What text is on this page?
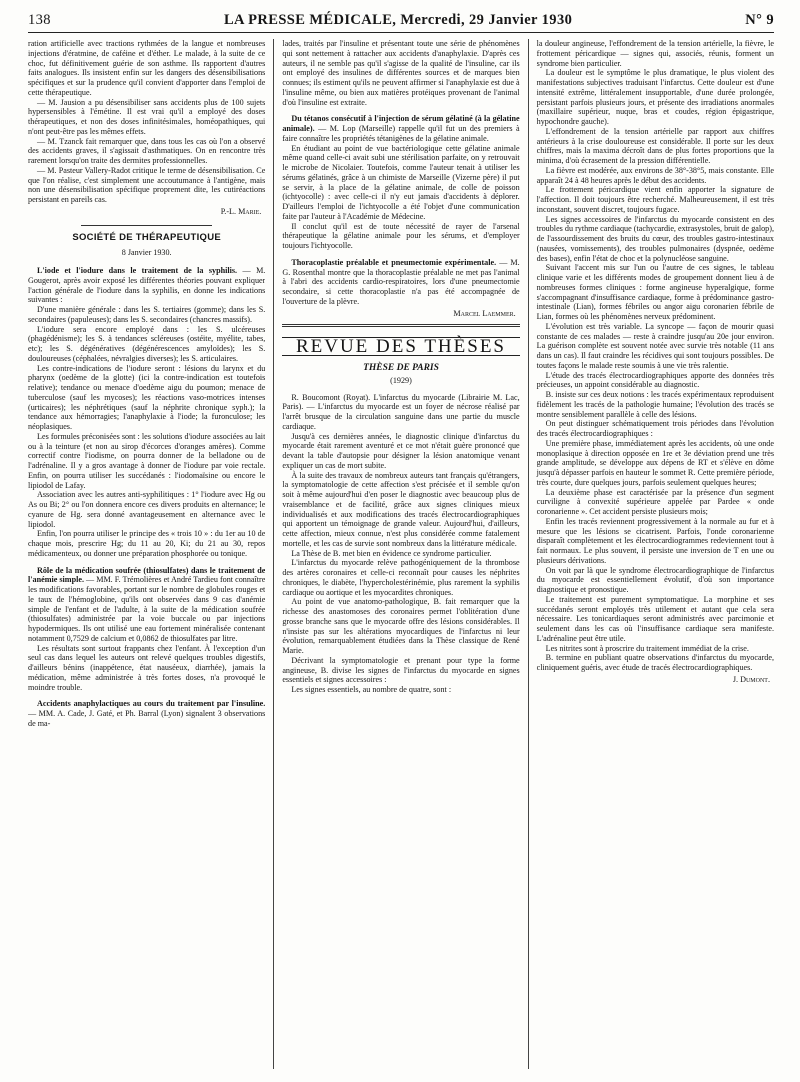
138	LA PRESSE MÉDICALE, Mercredi, 29 Janvier 1930	N° 9

ration artificielle avec tractions rythmées de la langue et nombreuses injections d'ératmine, de caféine et d'éther. Le malade, à la suite de ce choc, fut définitivement guérie de son asthme. Ils rapportent d'autres faits analogues. Ils insistent enfin sur les dangers des désensibilisations spécifiques et sur la prudence qu'il convient d'apporter dans l'emploi de cette thérapeutique.

— M. Jausion a pu désensibiliser sans accidents plus de 100 sujets hypersensibles à l'émétine. Il est vrai qu'il a employé des doses thérapeutiques, et non des doses infinitésimales, homéopathiques, qui n'ont peut-être pas les mêmes effets.

— M. Tzanck fait remarquer que, dans tous les cas où l'on a observé des accidents graves, il s'agissait d'asthmatiques. On en rencontre très rarement lorsqu'on traite des dermites professionnelles.

— M. Pasteur Vallery-Radot critique le terme de désensibilisation. Ce que l'on réalise, c'est simplement une accoutumance à l'antigène, mais non une désensibilisation spécifique proprement dite, les cutiréactions persistant en pareils cas.

P.-L. Marie.
SOCIÉTÉ DE THÉRAPEUTIQUE
8 Janvier 1930.

L'iode et l'iodure dans le traitement de la syphilis. — M. Gougerot, après avoir exposé les différentes théories pouvant expliquer l'action générale de l'iodure dans la syphilis, en donne les indications suivantes :

D'une manière générale : dans les S. tertiaires (gomme); dans les S. secondaires (papuleuses); dans les S. secondaires (chancres massifs).

L'iodure sera encore employé dans : les S. ulcéreuses (phagédénisme); les S. à tendances scléreuses (ostéite, myélite, tabes, etc); les S. dégénératives (dégénérescences amyloïdes); les S. douloureuses (céphalées, névralgies diverses); les S. articulaires.

Les contre-indications de l'iodure seront : lésions du larynx et du pharynx (oedème de la glotte) (ici la contre-indication est toutefois relative); tendance ou menace d'oedème aigu du poumon; menace de tuberculose (sauf les mycoses); les réactions vaso-motrices intenses (urticaires); les néphrétiques (sauf la néphrite chronique syph.); la tendance aux hémorragies; l'anaphylaxie à l'iode; la furonculose; les néoplasiques.

Les formules préconisées sont : les solutions d'iodure associées au lait ou à la teinture (et non au sirop d'écorces d'oranges amères). Comme correctif contre l'iodisme, on pourra donner de la belladone ou de l'adrénaline. Il y a gros avantage à donner de l'iodure par voie rectale. Enfin, on pourra utiliser les succédanés : l'iodomaïsine ou encore le lipiodol de Lafay.

Association avec les autres anti-syphilitiques : 1° l'iodure avec Hg ou As ou Bi; 2° ou l'on donnera encore ces divers produits en alternance; le cyanure de Hg. sera donné avantageusement en alternance avec le lipiodol.

Enfin, l'on pourra utiliser le principe des « trois 10 » : du 1er au 10 de chaque mois, prescrire Hg; du 11 au 20, Ki; du 21 au 30, repos médicamenteux, ou donner une préparation phosphorée ou tonique.

Rôle de la médication soufrée (thiosulfates) dans le traitement de l'anémie simple. — MM. F. Trémolières et André Tardieu font connaître les modifications favorables, portant sur le nombre de globules rouges et le taux de l'hémoglobine, qu'ils ont observées dans 9 cas d'anémie simple de l'enfant et de l'adulte, à la suite de la médication soufrée (thiosulfates) administrée par la voie buccale ou par injections hypodermiques. Ils ont utilisé une eau fortement minéralisée contenant notamment 0,7529 de calcium et 0,0862 de thiosulfates par litre.

Les résultats sont surtout frappants chez l'enfant. À l'exception d'un seul cas dans lequel les auteurs ont relevé quelques troubles digestifs, d'ailleurs bénins (inappétence, état nauséeux, diarrhée), jamais la médication, même administrée à très fortes doses, n'a provoqué le moindre trouble.

Accidents anaphylactiques au cours du traitement par l'insuline. — MM. A. Cade, J. Gaté, et Ph. Barral (Lyon) signalent 3 observations de ma-

lades, traités par l'insuline et présentant toute une série de phénomènes qui sont nettement à rattacher aux accidents d'anaphylaxie. D'après ces auteurs, il ne semble pas qu'il s'agisse de la qualité de l'insuline, car ils ont employé des insulines de différentes sources et de marques bien connues; ils estiment qu'ils ne peuvent affirmer si l'anaphylaxie est due à l'insuline même, ou bien aux matières protéiques provenant de l'animal d'où l'insuline est extraite.

Du tétanos consécutif à l'injection de sérum gélatiné (à la gélatine animale). — M. Lop (Marseille) rappelle qu'il fut un des premiers à faire connaître les propriétés tétanigènes de la gélatine animale.

En étudiant au point de vue bactériologique cette gélatine animale même quand celle-ci avait subi une stérilisation parfaite, on y retrouvait le microbe de Nicolaier. Toutefois, comme l'auteur tenait à utiliser les sérums gélatinés, grâce à un chimiste de Marseille (Vizerne père) il put se servir, à la place de la gélatine animale, de colle de poisson (ichtyocolle) : avec celle-ci il n'y eut jamais d'accidents à déplorer. D'ailleurs l'emploi de l'ichtyocolle a été l'objet d'une communication faite par l'auteur à l'Académie de Médecine.

Il conclut qu'il est de toute nécessité de rayer de l'arsenal thérapeutique la gélatine animale pour les sérums, et d'employer toujours l'ichtyocolle.

Thoracoplastie préalable et pneumectomie expérimentale. — M. G. Rosenthal montre que la thoracoplastie préalable ne met pas l'animal à l'abri des accidents cardio-respiratoires, lors d'une pneumectomie secondaire, si cette thoracoplastie n'a pas été accompagnée de l'ouverture de la plèvre.

Marcel Laemmer.
REVUE DES THÈSES
THÈSE DE PARIS
(1929)

R. Boucomont (Royat). L'infarctus du myocarde (Librairie M. Lac, Paris). — L'infarctus du myocarde est un foyer de nécrose réalisé par l'arrêt brusque de la circulation sanguine dans une partie du muscle cardiaque.

Jusqu'à ces dernières années, le diagnostic clinique d'infarctus du myocarde était rarement aventuré et ce mot n'était guère prononcé que devant la table d'autopsie pour désigner la lésion anatomique venant expliquer un cas de mort subite.

À la suite des travaux de nombreux auteurs tant français qu'étrangers, la symptomatologie de cette affection s'est précisée et il semble qu'on soit à même aujourd'hui d'en poser le diagnostic avec beaucoup plus de vraisemblance et de facilité, grâce aux signes cliniques mieux individualisés et aux modifications des tracés électrocardiographiques qui apportent un témoignage de grande valeur. Aujourd'hui, d'ailleurs, cette affection, mieux connue, n'est plus considérée comme fatalement mortelle, et les cas de survie sont nombreux dans la littérature médicale.

La Thèse de B. met bien en évidence ce syndrome particulier.

L'infarctus du myocarde relève pathogéniquement de la thrombose des artères coronaires et celle-ci reconnaît pour causes les néphrites chroniques, le diabète, l'hypercholestérinémie, plus rarement la syphilis cardiaque ou aortique et les myocardites chroniques.

Au point de vue anatomo-pathologique, B. fait remarquer que la richesse des anastomoses des coronaires permet l'oblitération d'une grosse branche sans que le myocarde offre des lésions considérables. Il n'insiste pas sur les altérations myocardiques de l'infarctus ni leur évolution, remarquablement étudiées dans la Thèse classique de René Marie.

Décrivant la symptomatologie et prenant pour type la forme angineuse, B. divise les signes de l'infarctus du myocarde en signes essentiels et signes accessoires :

Les signes essentiels, au nombre de quatre, sont :

la douleur angineuse, l'effondrement de la tension artérielle, la fièvre, le frottement péricardique — signes qui, associés, réunis, forment un syndrome bien particulier.

La douleur est le symptôme le plus dramatique, le plus violent des manifestations subjectives traduisant l'infarctus. Cette douleur est d'une intensité extrême, littéralement insupportable, d'une durée prolongée, persistant parfois plusieurs jours, et présente des irradiations anormales (maxillaire supérieur, nuque, bras et coudes, région épigastrique, hypochondre gauche).

L'effondrement de la tension artérielle par rapport aux chiffres antérieurs à la crise douloureuse est considérable. Il porte sur les deux chiffres, mais la maxima décroît dans de plus fortes proportions que la minima, d'où écrasement de la pression différentielle.

La fièvre est modérée, aux environs de 38°-38°5, mais constante. Elle apparaît 24 à 48 heures après le début des accidents.

Le frottement péricardique vient enfin apporter la signature de l'affection. Il doit toujours être recherché. Malheureusement, il est très inconstant, souvent discret, toujours fugace.

Les signes accessoires de l'infarctus du myocarde consistent en des troubles du rythme cardiaque (tachycardie, extrasystoles, bruit de galop), de l'assourdissement des bruits du cœur, des troubles gastro-intestinaux (nausées, vomissements), des troubles pulmonaires (dyspnée, oedème des bases), enfin l'état de choc et la polynucléose sanguine.

Suivant l'accent mis sur l'un ou l'autre de ces signes, le tableau clinique varie et les différents modes de groupement donnent lieu à de nombreuses formes cliniques : forme angineuse hyperalgique, forme s'accompagnant d'insuffisance cardiaque, forme à prédominance gastro-intestinale (Lian), formes fébriles ou angor aigu coronarien fébrile de Lian, formes où les phénomènes nerveux prédominent.

L'évolution est très variable. La syncope — façon de mourir quasi constante de ces malades — reste à craindre jusqu'au 20e jour environ. La guérison complète est souvent notée avec survie très notable (11 ans dans un cas). Il faut craindre les récidives qui sont toujours possibles. De toutes façons le malade reste soumis à une vie très ralentie.

L'étude des tracés électrocardiographiques apporte des données très précieuses, un appoint considérable au diagnostic.

B. insiste sur ces deux notions : les tracés expérimentaux reproduisent fidèlement les tracés de la pathologie humaine; l'évolution des tracés se montre sensiblement parallèle à celle des lésions.

On peut distinguer schématiquement trois périodes dans l'évolution des tracés électrocardiographiques :

Une première phase, immédiatement après les accidents, où une onde monoplasique à direction opposée en 1re et 3e déviation prend une très grande amplitude, se développe aux dépens de RT et s'élève en dôme jusqu'à dépasser parfois en hauteur le sommet R. Cette première période, très courte, dure quelques jours, parfois seulement quelques heures;

La deuxième phase est caractérisée par la présence d'un segment curviligne à convexité supérieure appelée par Pardee « onde coronarienne ». Cet accident persiste plusieurs mois;

Enfin les tracés reviennent progressivement à la normale au fur et à mesure que les lésions se cicatrisent. Parfois, l'onde coronarienne disparaît complètement et les électrocardiogrammes redeviennent tout à fait normaux. Le plus souvent, il persiste une inversion de T en une ou plusieurs dérivations.

On voit par là que le syndrome électrocardiographique de l'infarctus du myocarde est essentiellement évolutif, d'où son importance diagnostique et pronostique.

Le traitement est purement symptomatique. La morphine et ses succédanés seront employés très utilement et autant que cela sera nécessaire. Les tonicardiaques seront administrés avec parcimonie et seulement dans les cas où l'insuffisance cardiaque sera manifeste. L'adrénaline peut être utile.

Les nitrites sont à proscrire du traitement immédiat de la crise.

B. termine en publiant quatre observations d'infarctus du myocarde, cliniquement guéris, avec étude de tracés électrocardiographiques.

J. Dumont.
